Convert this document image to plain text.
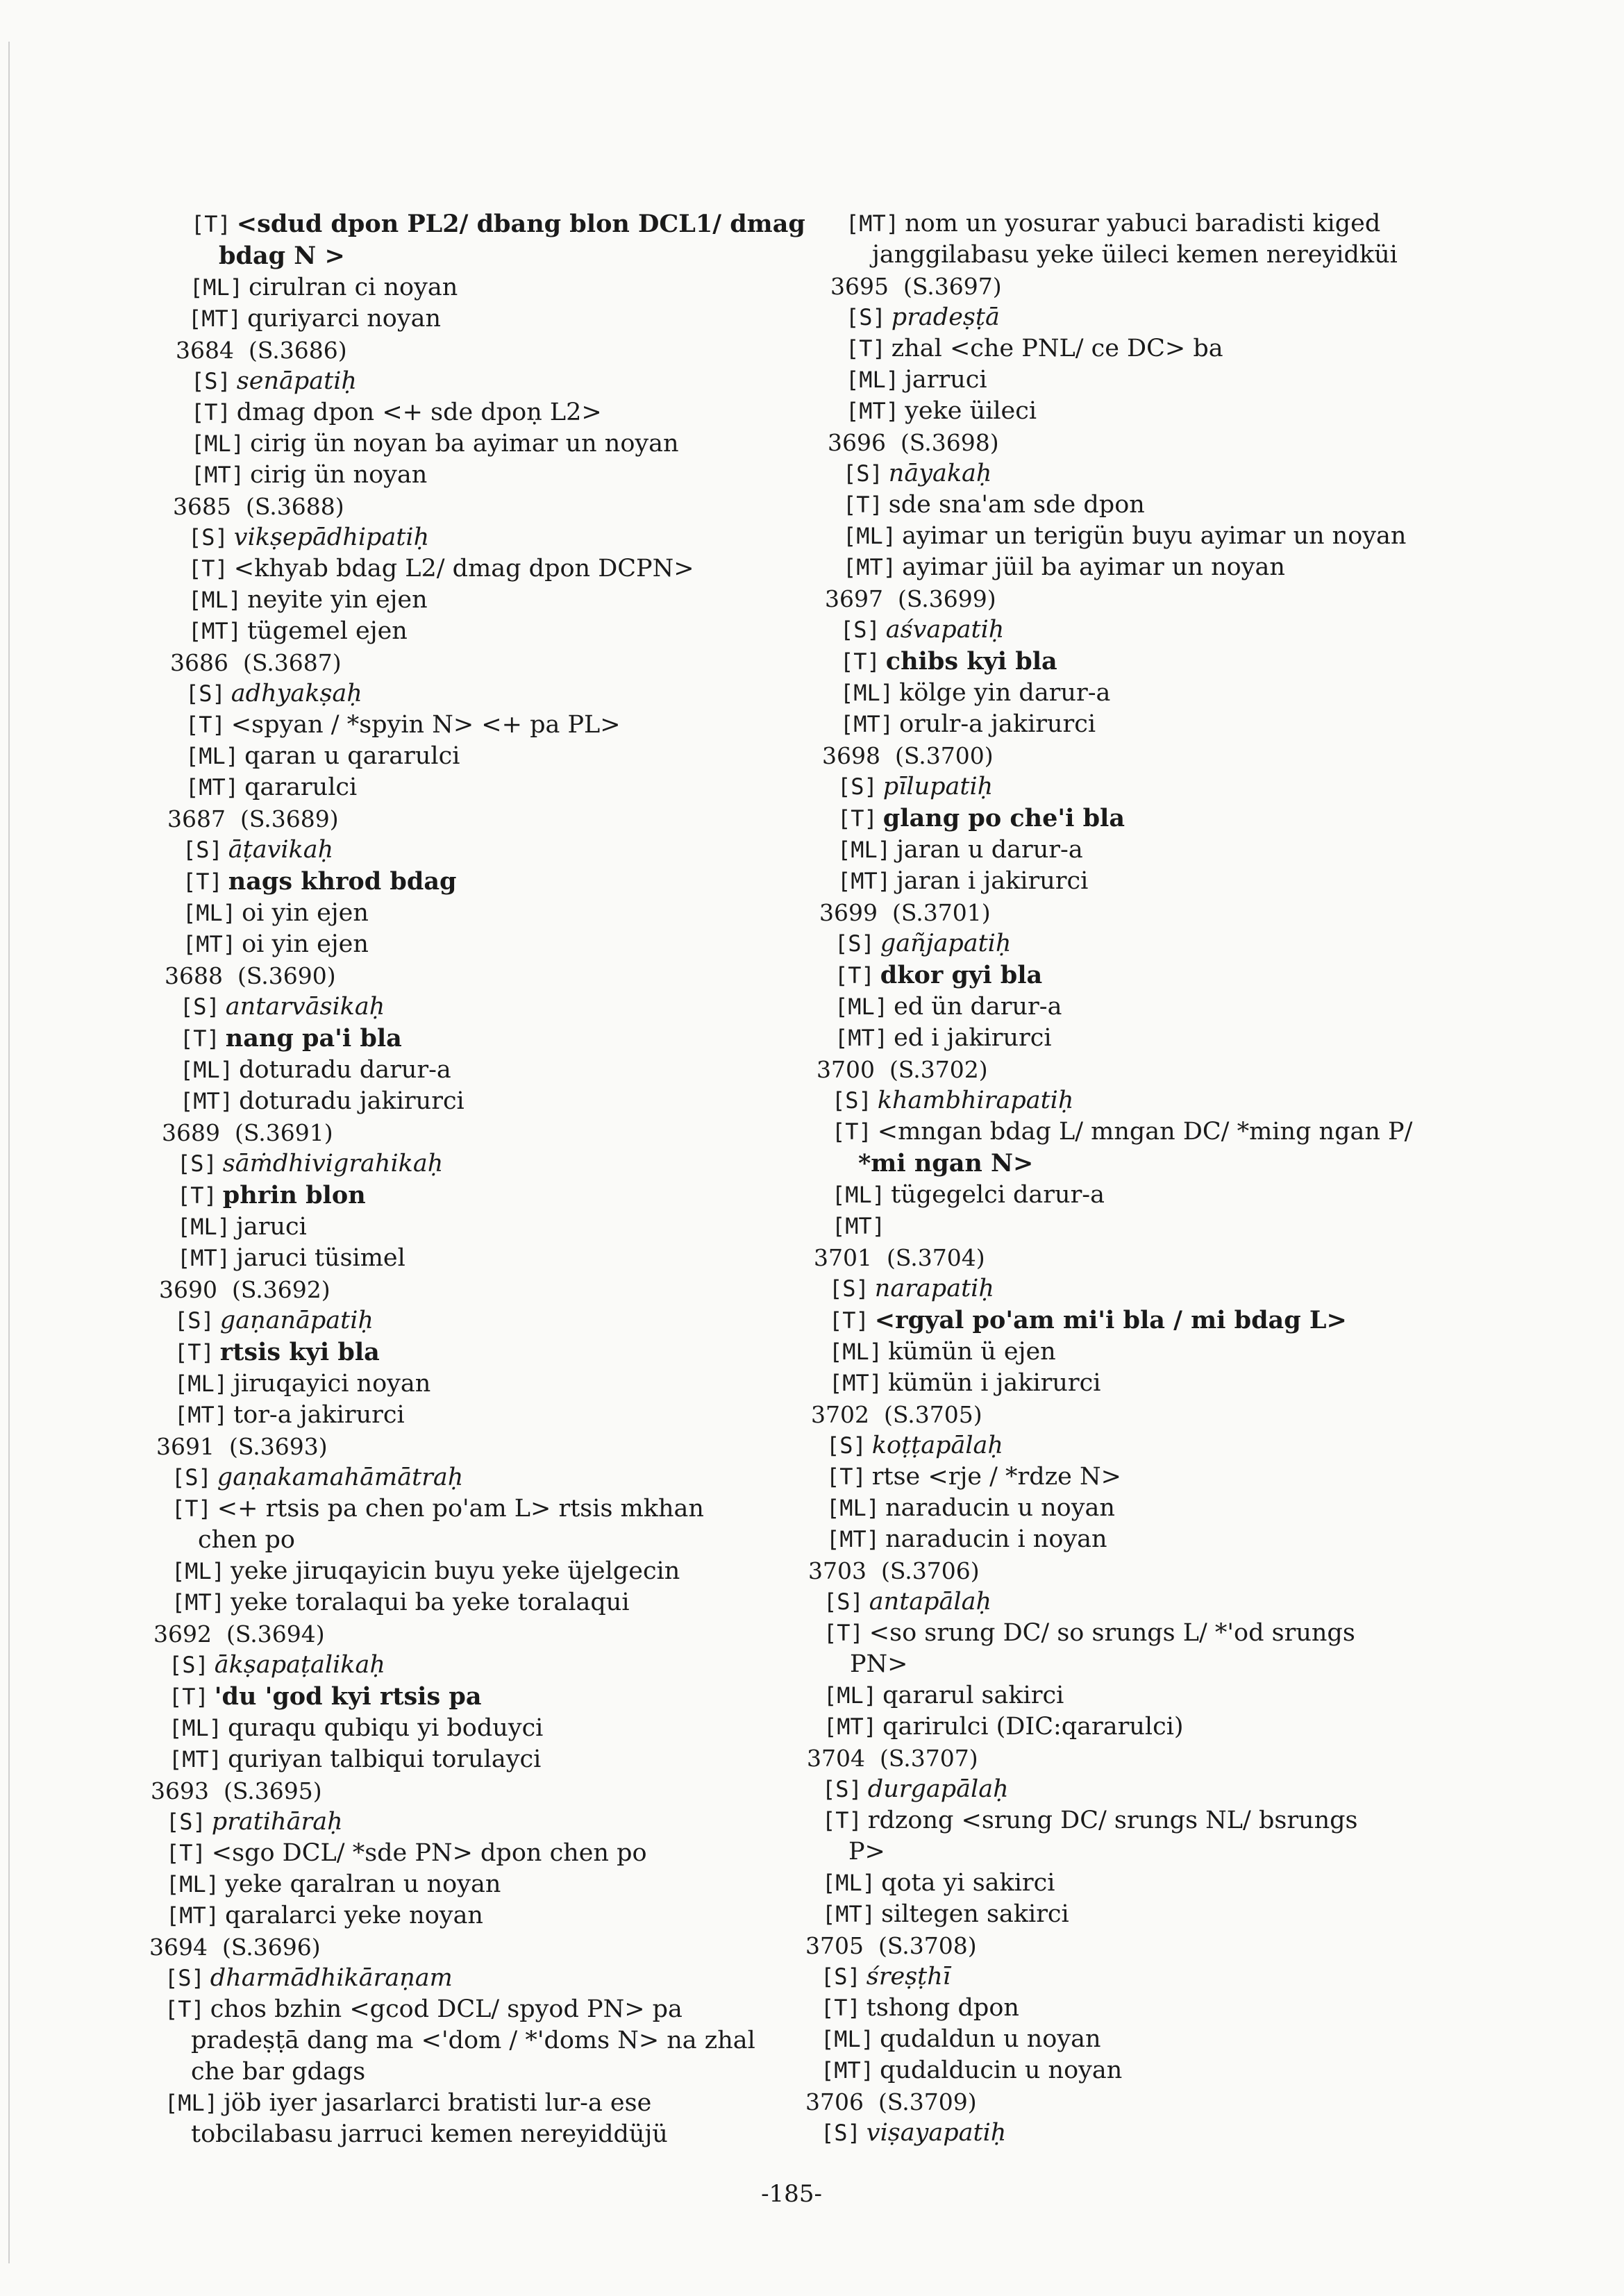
[T] <sdud dpon PL2/ dbang blon DCL1/ dmag
bdag N >
[ML] cirulran ci noyan
[MT] quriyarci noyan
3684 (S.3686)
[S] senāpatiḥ
[T] dmag dpon <+ sde dpoṇ L2>
[ML] cirig ün noyan ba ayimar un noyan
[MT] cirig ün noyan
3685 (S.3688)
[S] vikṣepādhipatiḥ
[T] <khyab bdag L2/ dmag dpon DCPN>
[ML] neyite yin ejen
[MT] tügemel ejen
3686 (S.3687)
[S] adhyakṣaḥ
[T] <spyan / *spyin N> <+ pa PL>
[ML] qaran u qararulci
[MT] qararulci
3687 (S.3689)
[S] āṭavikaḥ
[T] nags khrod bdag
[ML] oi yin ejen
[MT] oi yin ejen
3688 (S.3690)
[S] antarvāsikaḥ
[T] nang pa'i bla
[ML] doturadu darur-a
[MT] doturadu jakirurci
3689 (S.3691)
[S] sāṁdhivigrahikaḥ
[T] phrin blon
[ML] jaruci
[MT] jaruci tüsimel
3690 (S.3692)
[S] gaṇanāpatiḥ
[T] rtsis kyi bla
[ML] jiruqayici noyan
[MT] tor-a jakirurci
3691 (S.3693)
[S] gaṇakamahāmātraḥ
[T] <+ rtsis pa chen po'am L> rtsis mkhan
chen po
[ML] yeke jiruqayicin buyu yeke üjelgecin
[MT] yeke toralaqui ba yeke toralaqui
3692 (S.3694)
[S] ākṣapaṭalikaḥ
[T] 'du 'god kyi rtsis pa
[ML] quraqu qubiqu yi boduyci
[MT] quriyan talbiqui torulayci
3693 (S.3695)
[S] pratihāraḥ
[T] <sgo DCL/ *sde PN> dpon chen po
[ML] yeke qaralran u noyan
[MT] qaralarci yeke noyan
3694 (S.3696)
[S] dharmādhikāraṇam
[T] chos bzhin <gcod DCL/ spyod PN> pa
pradeṣṭā dang ma <'dom / *'doms N> na zhal
che bar gdags
[ML] jöb iyer jasarlarci bratisti lur-a ese
tobcilabasu jarruci kemen nereyiddüjü
[MT] nom un yosurar yabuci baradisti kiged
janggilabasu yeke üileci kemen nereyidküi
3695 (S.3697)
[S] pradeṣṭā
[T] zhal <che PNL/ ce DC> ba
[ML] jarruci
[MT] yeke üileci
3696 (S.3698)
[S] nāyakaḥ
[T] sde sna'am sde dpon
[ML] ayimar un terigün buyu ayimar un noyan
[MT] ayimar jüil ba ayimar un noyan
3697 (S.3699)
[S] aśvapatiḥ
[T] chibs kyi bla
[ML] kölge yin darur-a
[MT] orulr-a jakirurci
3698 (S.3700)
[S] pīlupatiḥ
[T] glang po che'i bla
[ML] jaran u darur-a
[MT] jaran i jakirurci
3699 (S.3701)
[S] gañjapatiḥ
[T] dkor gyi bla
[ML] ed ün darur-a
[MT] ed i jakirurci
3700 (S.3702)
[S] khambhirapatiḥ
[T] <mngan bdag L/ mngan DC/ *ming ngan P/
*mi ngan N>
[ML] tügegelci darur-a
[MT]
3701 (S.3704)
[S] narapatiḥ
[T] <rgyal po'am mi'i bla / mi bdag L>
[ML] kümün ü ejen
[MT] kümün i jakirurci
3702 (S.3705)
[S] koṭṭapālaḥ
[T] rtse <rje / *rdze N>
[ML] naraducin u noyan
[MT] naraducin i noyan
3703 (S.3706)
[S] antapālaḥ
[T] <so srung DC/ so srungs L/ *'od srungs
PN>
[ML] qararul sakirci
[MT] qarirulci (DIC:qararulci)
3704 (S.3707)
[S] durgapālaḥ
[T] rdzong <srung DC/ srungs NL/ bsrungs
P>
[ML] qota yi sakirci
[MT] siltegen sakirci
3705 (S.3708)
[S] śreṣṭhī
[T] tshong dpon
[ML] qudaldun u noyan
[MT] qudalducin u noyan
3706 (S.3709)
[S] viṣayapatiḥ
-185-
